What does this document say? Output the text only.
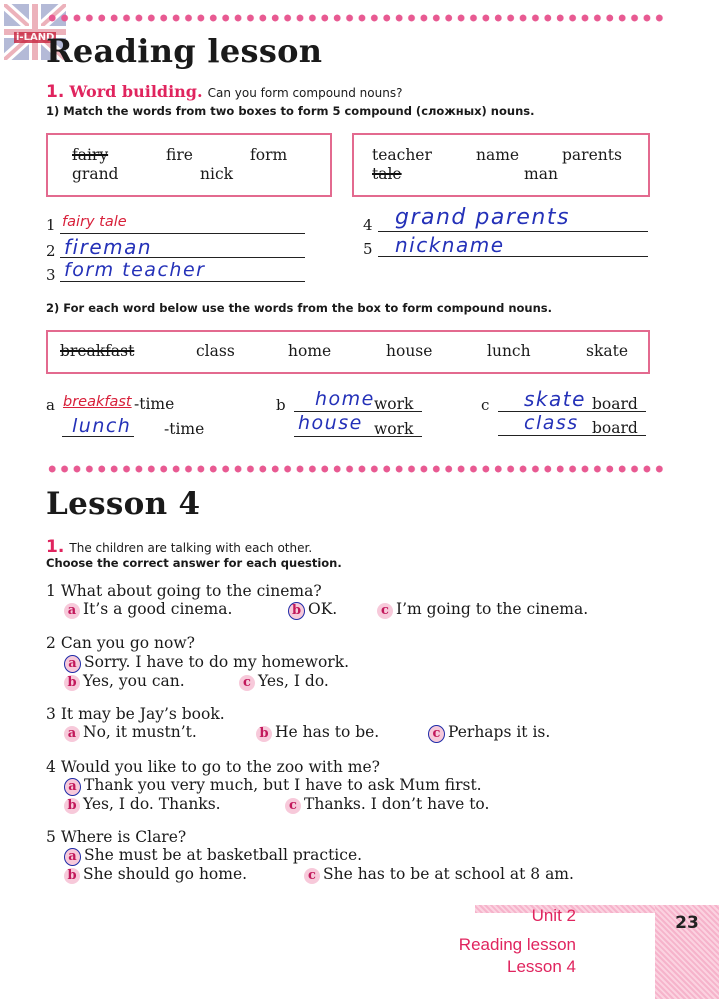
i-LAND
Reading lesson
1. Word building. Can you form compound nouns?
1) Match the words from two boxes to form 5 compound (сложных) nouns.
fairy	fire	form
grand	nick
teacher	name	parents
tale	man
1 fairy tale
2 fireman
3 form teacher
4 grand parents
5 nickname
2) For each word below use the words from the box to form compound nouns.
breakfast	class	home	house	lunch	skate
a breakfast -time
lunch -time
b home work
house work
c skate board
class board
Lesson 4
1. The children are talking with each other.
Choose the correct answer for each question.
1 What about going to the cinema?
a It’s a good cinema.	b OK.	c I’m going to the cinema.
2 Can you go now?
a Sorry. I have to do my homework.
b Yes, you can.	c Yes, I do.
3 It may be Jay’s book.
a No, it mustn’t.	b He has to be.	c Perhaps it is.
4 Would you like to go to the zoo with me?
a Thank you very much, but I have to ask Mum first.
b Yes, I do. Thanks.	c Thanks. I don’t have to.
5 Where is Clare?
a She must be at basketball practice.
b She should go home.	c She has to be at school at 8 am.
Unit 2
Reading lesson
Lesson 4
23
